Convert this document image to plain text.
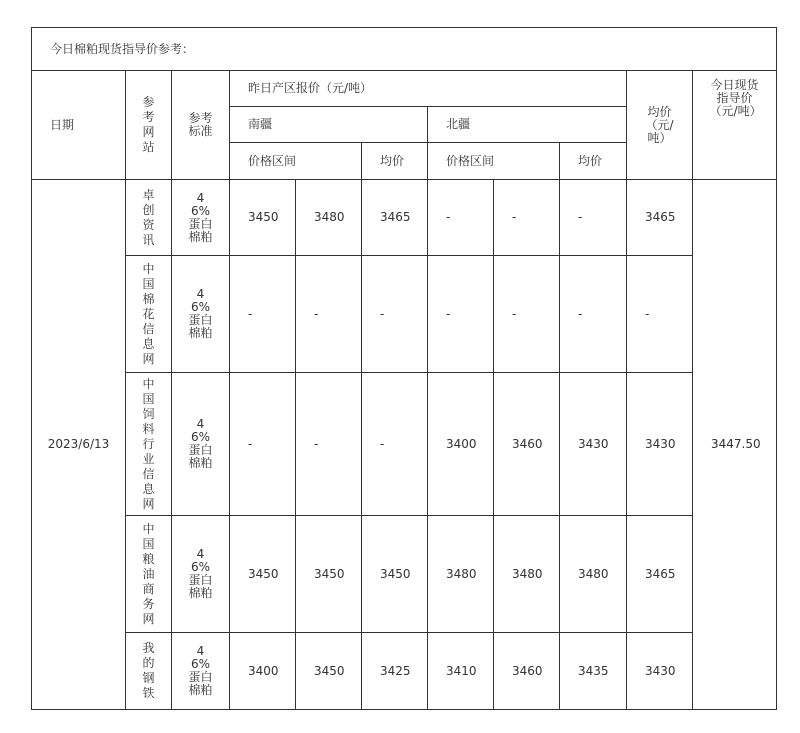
今日棉粕现货指导价参考：										
日期	参考网站	参考标准	昨日产区报价（元/吨）						均价（元/吨）	今日现货指导价（元/吨）

			南疆			北疆				
			价格区间		均价	价格区间		均价		
2023/6/13	卓创资讯	46%蛋白棉粕	3450	3480	3465	-	-	-	3465	3447.50

	中国棉花信息网	46%蛋白棉粕	-	-	-	-	-	-	-	

	中国饲料行业信息网	46%蛋白棉粕	-	-	-	3400	3460	3430	3430	

	中国粮油商务网	46%蛋白棉粕	3450	3450	3450	3480	3480	3480	3465	

	我的钢铁	46%蛋白棉粕	3400	3450	3425	3410	3460	3435	3430	
